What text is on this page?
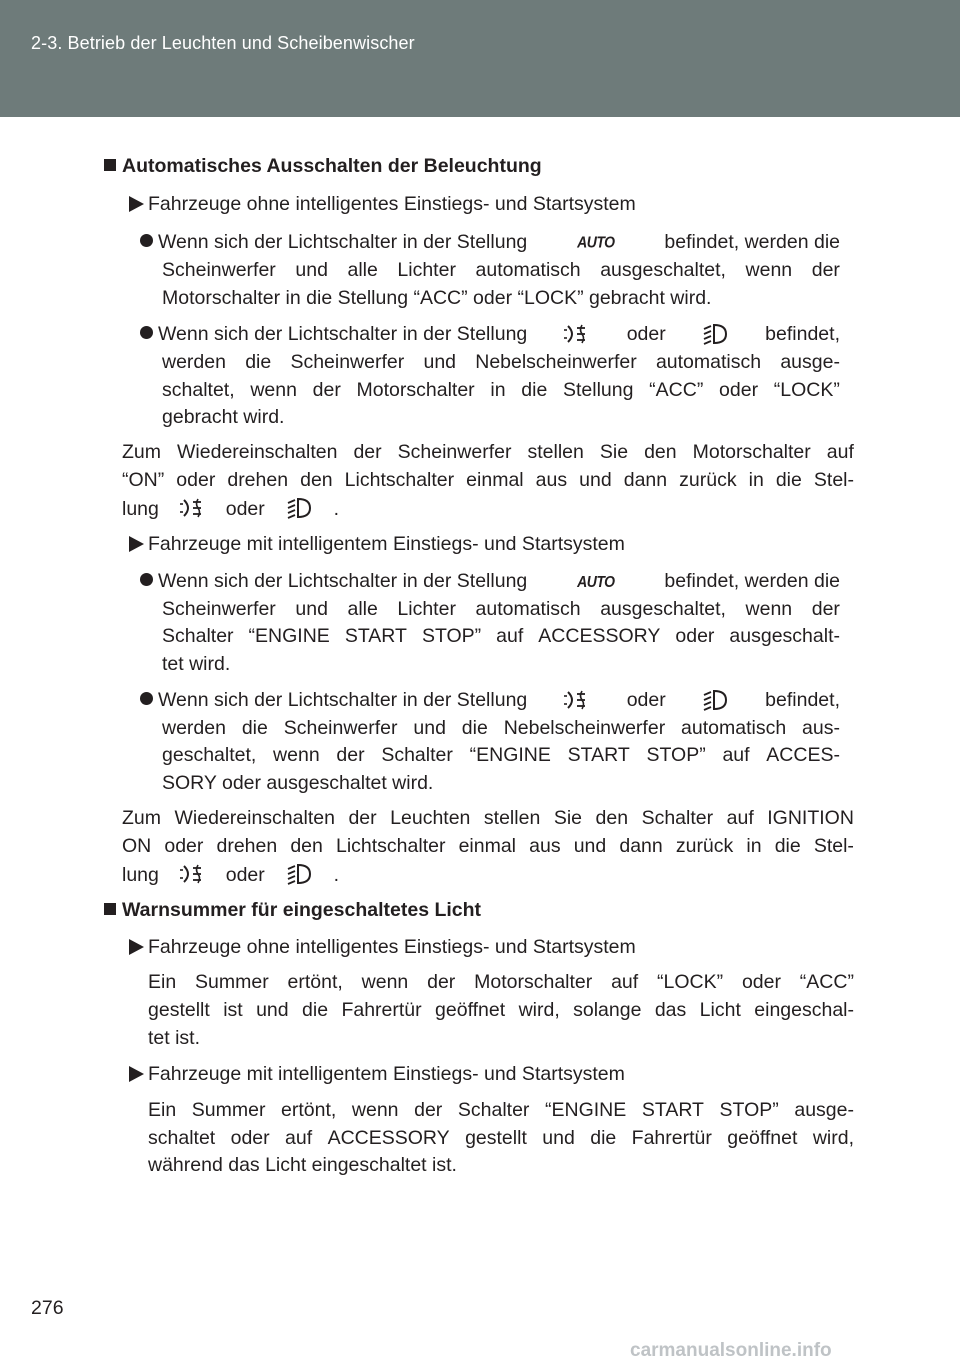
2-3. Betrieb der Leuchten und Scheibenwischer
Automatisches Ausschalten der Beleuchtung
Fahrzeuge ohne intelligentes Einstiegs- und Startsystem
Wenn sich der Lichtschalter in der Stellung	AUTO	befindet, werden die
Scheinwerfer und alle Lichter automatisch ausgeschaltet, wenn der
Motorschalter in die Stellung “ACC” oder “LOCK” gebracht wird.
Wenn sich der Lichtschalter in der Stellung	oder	befindet,
werden die Scheinwerfer und Nebelscheinwerfer automatisch ausge-
schaltet, wenn der Motorschalter in die Stellung “ACC” oder “LOCK”
gebracht wird.
Zum Wiedereinschalten der Scheinwerfer stellen Sie den Motorschalter auf
“ON” oder drehen den Lichtschalter einmal aus und dann zurück in die Stel-
lung	oder	.
Fahrzeuge mit intelligentem Einstiegs- und Startsystem
Wenn sich der Lichtschalter in der Stellung	AUTO	befindet, werden die
Scheinwerfer und alle Lichter automatisch ausgeschaltet, wenn der
Schalter “ENGINE START STOP” auf ACCESSORY oder ausgeschalt-
tet wird.
Wenn sich der Lichtschalter in der Stellung	oder	befindet,
werden die Scheinwerfer und die Nebelscheinwerfer automatisch aus-
geschaltet, wenn der Schalter “ENGINE START STOP” auf ACCES-
SORY oder ausgeschaltet wird.
Zum Wiedereinschalten der Leuchten stellen Sie den Schalter auf IGNITION
ON oder drehen den Lichtschalter einmal aus und dann zurück in die Stel-
lung	oder	.
Warnsummer für eingeschaltetes Licht
Fahrzeuge ohne intelligentes Einstiegs- und Startsystem
Ein Summer ertönt, wenn der Motorschalter auf “LOCK” oder “ACC”
gestellt ist und die Fahrertür geöffnet wird, solange das Licht eingeschal-
tet ist.
Fahrzeuge mit intelligentem Einstiegs- und Startsystem
Ein Summer ertönt, wenn der Schalter “ENGINE START STOP” ausge-
schaltet oder auf ACCESSORY gestellt und die Fahrertür geöffnet wird,
während das Licht eingeschaltet ist.
276
carmanualsonline.info
